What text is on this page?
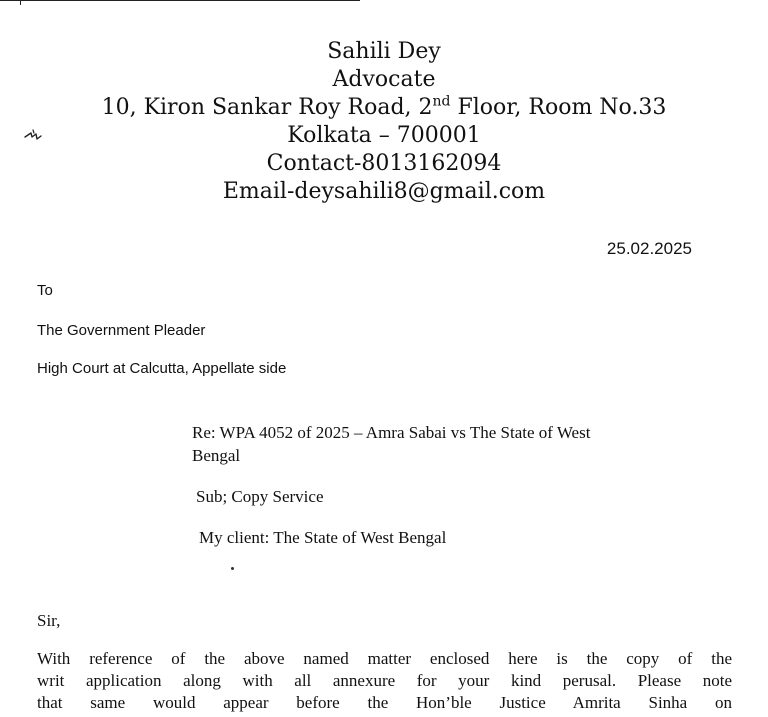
Sahili Dey
Advocate
10, Kiron Sankar Roy Road, 2nd Floor, Room No.33
Kolkata – 700001
Contact-8013162094
Email-deysahili8@gmail.com
25.02.2025
To
The Government Pleader
High Court at Calcutta, Appellate side
Re: WPA 4052 of 2025 – Amra Sabai vs The State of West
Bengal
Sub; Copy Service
My client: The State of West Bengal
Sir,
With reference of the above named matter enclosed here is the copy of the
writ application along with all annexure for your kind perusal. Please note
that same would appear before the Hon’ble Justice Amrita Sinha on
